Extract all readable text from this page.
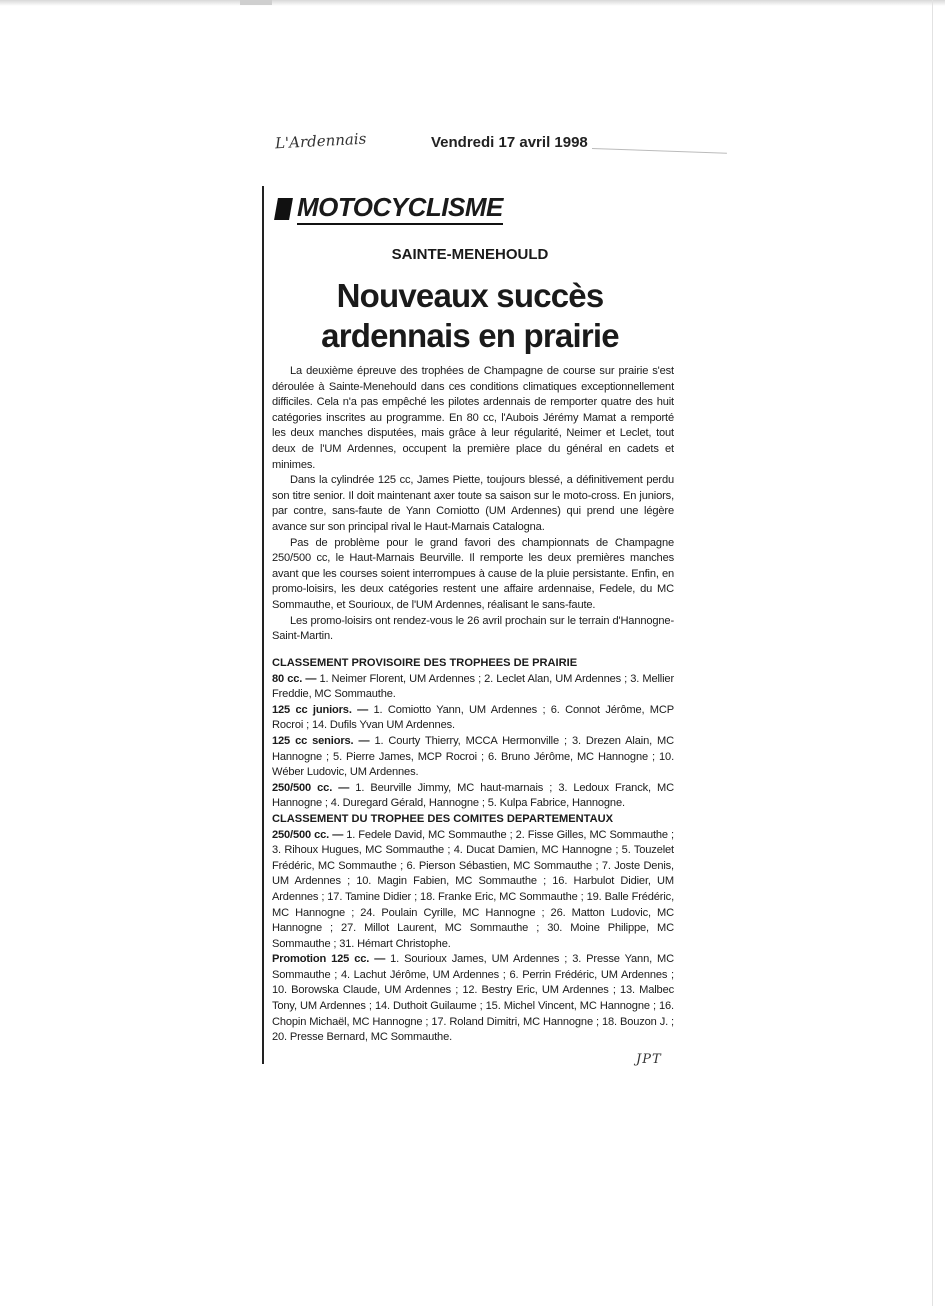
L'Ardennais	Vendredi 17 avril 1998
MOTOCYCLISME
SAINTE-MENEHOULD
Nouveaux succès
ardennais en prairie

La deuxième épreuve des trophées de Champagne de course sur prairie s'est déroulée à Sainte-Menehould dans ces conditions climatiques exceptionnellement difficiles. Cela n'a pas empêché les pilotes ardennais de remporter quatre des huit catégories inscrites au programme. En 80 cc, l'Aubois Jérémy Mamat a remporté les deux manches disputées, mais grâce à leur régularité, Neimer et Leclet, tout deux de l'UM Ardennes, occupent la première place du général en cadets et minimes.

Dans la cylindrée 125 cc, James Piette, toujours blessé, a définitivement perdu son titre senior. Il doit maintenant axer toute sa saison sur le moto-cross. En juniors, par contre, sans-faute de Yann Comiotto (UM Ardennes) qui prend une légère avance sur son principal rival le Haut-Marnais Catalogna.

Pas de problème pour le grand favori des championnats de Champagne 250/500 cc, le Haut-Marnais Beurville. Il remporte les deux premières manches avant que les courses soient interrompues à cause de la pluie persistante. Enfin, en promo-loisirs, les deux catégories restent une affaire ardennaise, Fedele, du MC Sommauthe, et Sourioux, de l'UM Ardennes, réalisant le sans-faute.

Les promo-loisirs ont rendez-vous le 26 avril prochain sur le terrain d'Hannogne-Saint-Martin.

CLASSEMENT PROVISOIRE DES TROPHEES DE PRAIRIE

80 cc. — 1. Neimer Florent, UM Ardennes ; 2. Leclet Alan, UM Ardennes ; 3. Mellier Freddie, MC Sommauthe.

125 cc juniors. — 1. Comiotto Yann, UM Ardennes ; 6. Connot Jérôme, MCP Rocroi ; 14. Dufils Yvan UM Ardennes.

125 cc seniors. — 1. Courty Thierry, MCCA Hermonville ; 3. Drezen Alain, MC Hannogne ; 5. Pierre James, MCP Rocroi ; 6. Bruno Jérôme, MC Hannogne ; 10. Wéber Ludovic, UM Ardennes.

250/500 cc. — 1. Beurville Jimmy, MC haut-marnais ; 3. Ledoux Franck, MC Hannogne ; 4. Duregard Gérald, Hannogne ; 5. Kulpa Fabrice, Hannogne.

CLASSEMENT DU TROPHEE DES COMITES DEPARTEMENTAUX

250/500 cc. — 1. Fedele David, MC Sommauthe ; 2. Fisse Gilles, MC Sommauthe ; 3. Rihoux Hugues, MC Sommauthe ; 4. Ducat Damien, MC Hannogne ; 5. Touzelet Frédéric, MC Sommauthe ; 6. Pierson Sébastien, MC Sommauthe ; 7. Joste Denis, UM Ardennes ; 10. Magin Fabien, MC Sommauthe ; 16. Harbulot Didier, UM Ardennes ; 17. Tamine Didier ; 18. Franke Eric, MC Sommauthe ; 19. Balle Frédéric, MC Hannogne ; 24. Poulain Cyrille, MC Hannogne ; 26. Matton Ludovic, MC Hannogne ; 27. Millot Laurent, MC Sommauthe ; 30. Moine Philippe, MC Sommauthe ; 31. Hémart Christophe.

Promotion 125 cc. — 1. Sourioux James, UM Ardennes ; 3. Presse Yann, MC Sommauthe ; 4. Lachut Jérôme, UM Ardennes ; 6. Perrin Frédéric, UM Ardennes ; 10. Borowska Claude, UM Ardennes ; 12. Bestry Eric, UM Ardennes ; 13. Malbec Tony, UM Ardennes ; 14. Duthoit Guilaume ; 15. Michel Vincent, MC Hannogne ; 16. Chopin Michaël, MC Hannogne ; 17. Roland Dimitri, MC Hannogne ; 18. Bouzon J. ; 20. Presse Bernard, MC Sommauthe.

JPT
